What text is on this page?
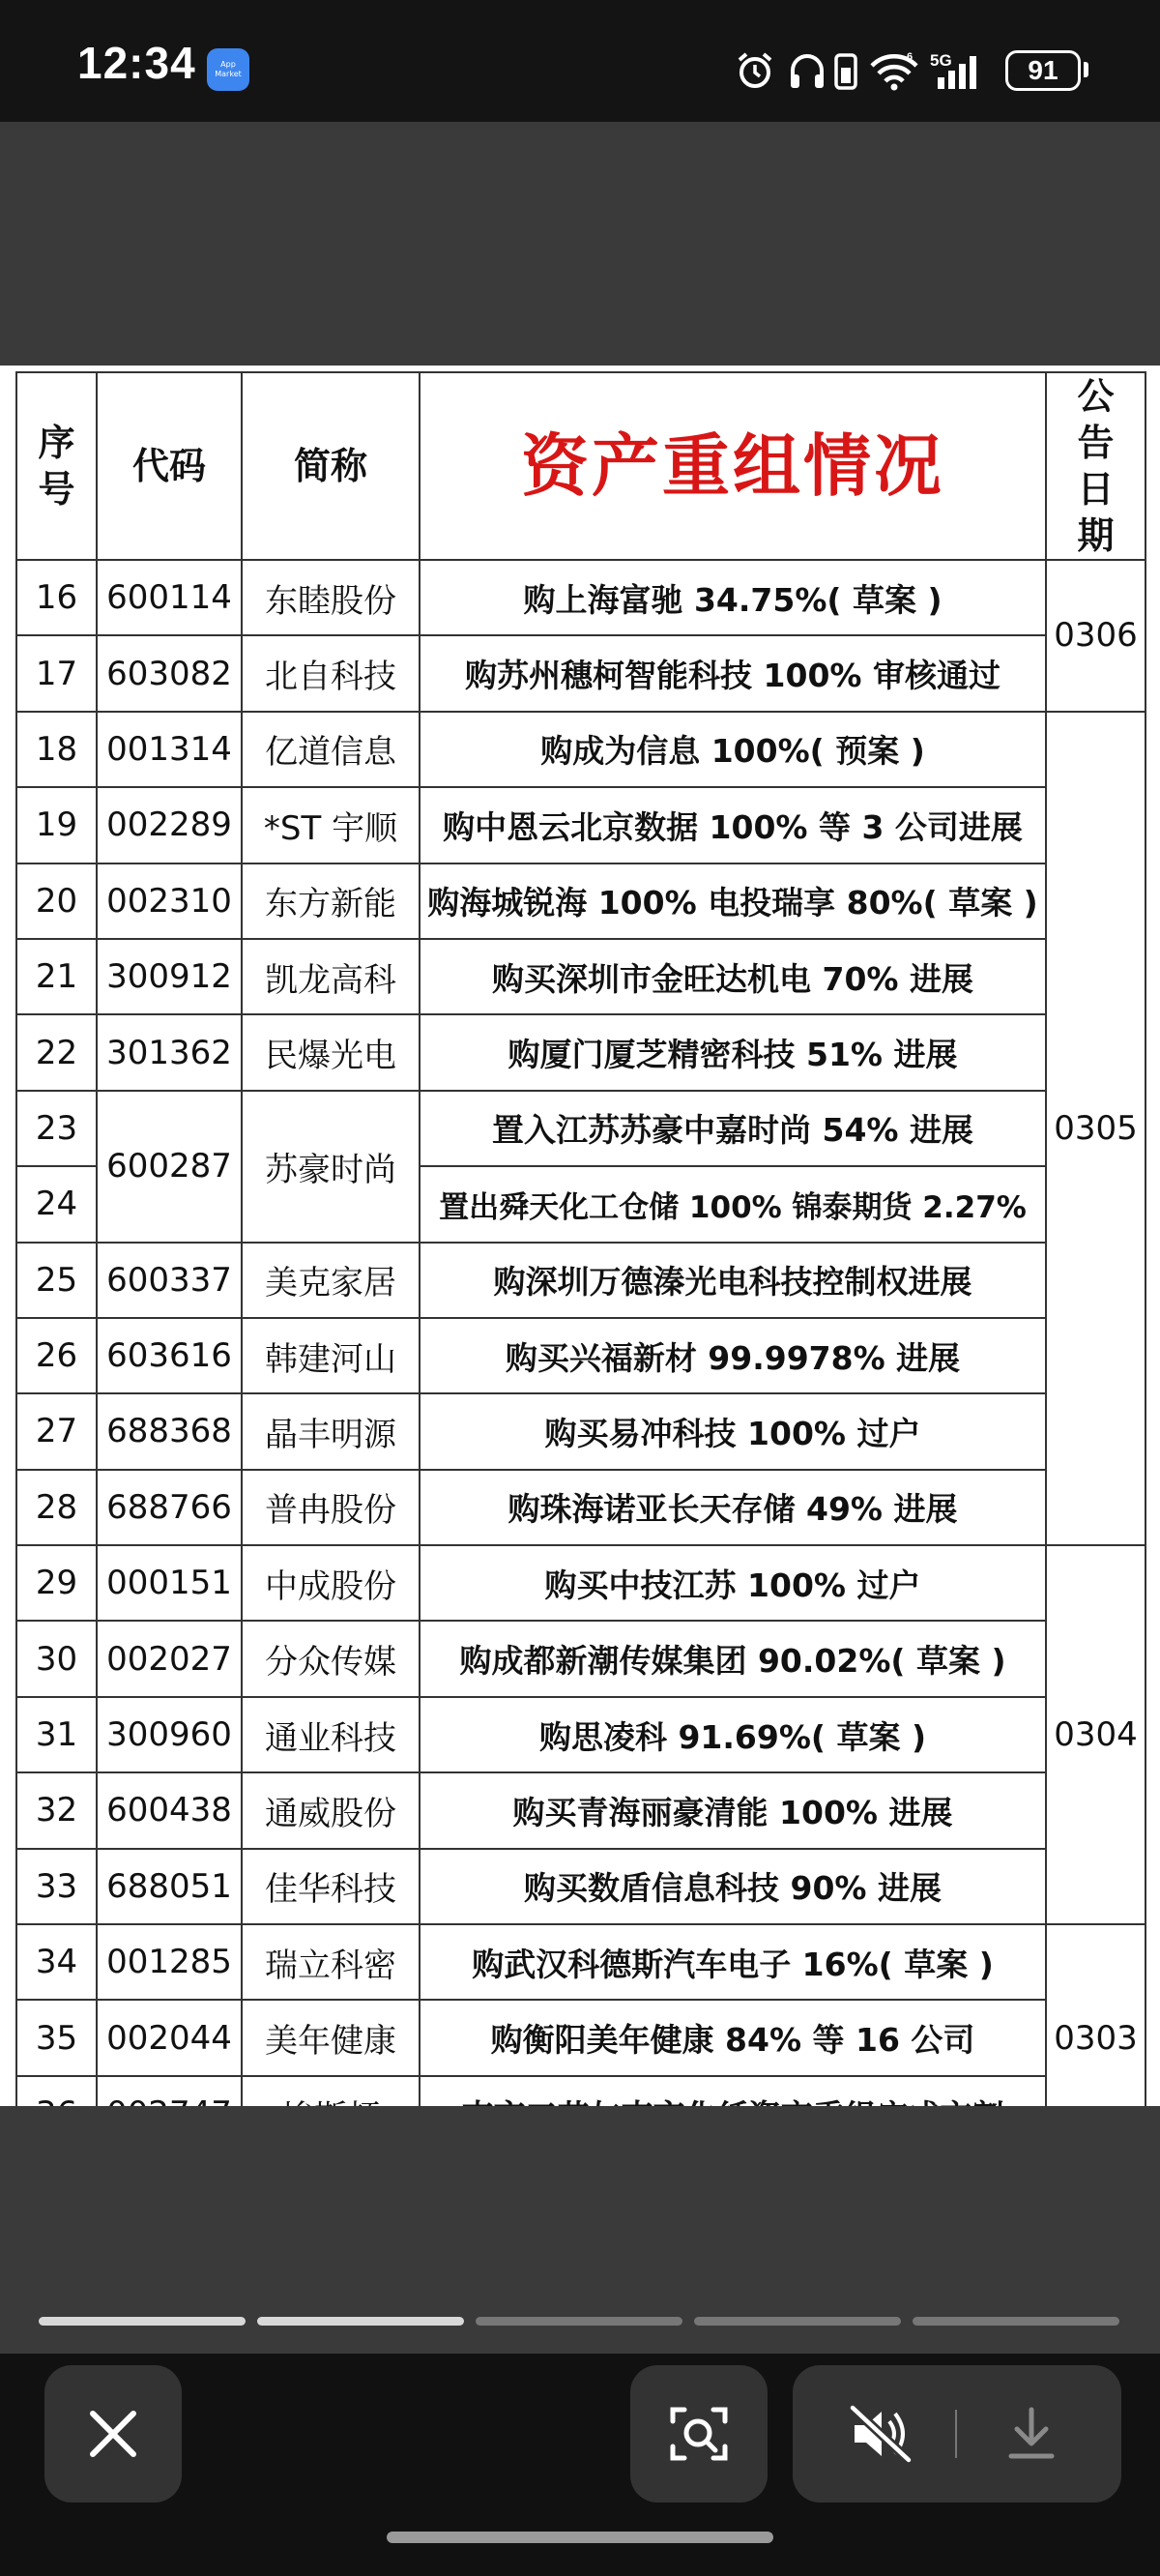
12:34	App Market
6 5G	91
序号	代码	简称	资产重组情况	公告日期
16	600114	东睦股份	购上海富驰 34.75%( 草案 )	0306
17	603082	北自科技	购苏州穗柯智能科技 100% 审核通过	
18	001314	亿道信息	购成为信息 100%( 预案 )	0305
19	002289	*ST 宇顺	购中恩云北京数据 100% 等 3 公司进展	
20	002310	东方新能	购海城锐海 100% 电投瑞享 80%( 草案 )	
21	300912	凯龙高科	购买深圳市金旺达机电 70% 进展	
22	301362	民爆光电	购厦门厦芝精密科技 51% 进展	
23	600287	苏豪时尚	置入江苏苏豪中嘉时尚 54% 进展	
24			置出舜天化工仓储 100% 锦泰期货 2.27%	
25	600337	美克家居	购深圳万德溱光电科技控制权进展	
26	603616	韩建河山	购买兴福新材 99.9978% 进展	
27	688368	晶丰明源	购买易冲科技 100% 过户	
28	688766	普冉股份	购珠海诺亚长天存储 49% 进展	
29	000151	中成股份	购买中技江苏 100% 过户	0304
30	002027	分众传媒	购成都新潮传媒集团 90.02%( 草案 )	
31	300960	通业科技	购思凌科 91.69%( 草案 )	
32	600438	通威股份	购买青海丽豪清能 100% 进展	
33	688051	佳华科技	购买数盾信息科技 90% 进展	
34	001285	瑞立科密	购武汉科德斯汽车电子 16%( 草案 )	0303
35	002044	美年健康	购衡阳美年健康 84% 等 16 公司	
